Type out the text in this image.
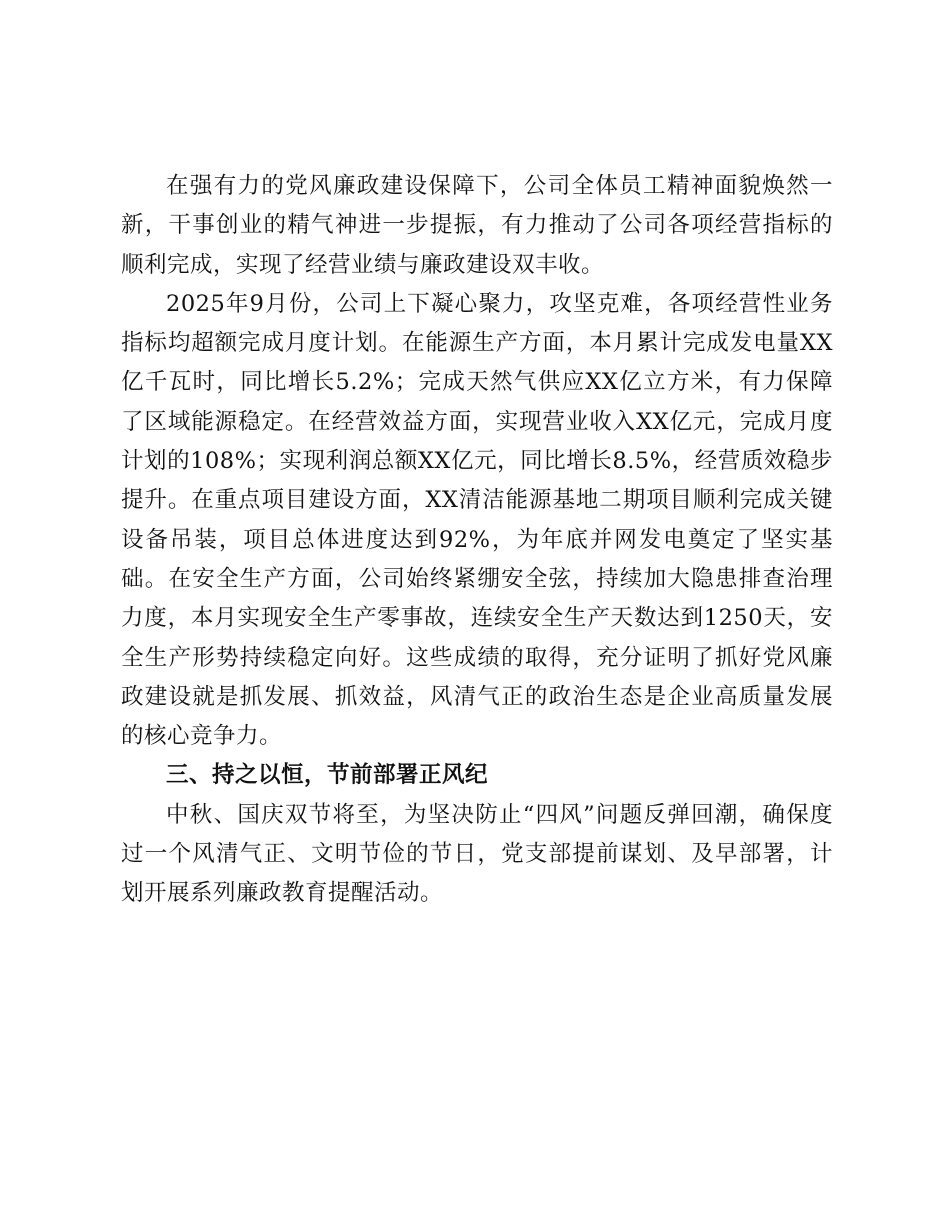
在强有力的党风廉政建设保障下，公司全体员工精神面貌焕然一新，干事创业的精气神进一步提振，有力推动了公司各项经营指标的顺利完成，实现了经营业绩与廉政建设双丰收。

2025年9月份，公司上下凝心聚力，攻坚克难，各项经营性业务指标均超额完成月度计划。在能源生产方面，本月累计完成发电量XX亿千瓦时，同比增长5.2%；完成天然气供应XX亿立方米，有力保障了区域能源稳定。在经营效益方面，实现营业收入XX亿元，完成月度计划的108%；实现利润总额XX亿元，同比增长8.5%，经营质效稳步提升。在重点项目建设方面，XX清洁能源基地二期项目顺利完成关键设备吊装，项目总体进度达到92%，为年底并网发电奠定了坚实基础。在安全生产方面，公司始终紧绷安全弦，持续加大隐患排查治理力度，本月实现安全生产零事故，连续安全生产天数达到1250天，安全生产形势持续稳定向好。这些成绩的取得，充分证明了抓好党风廉政建设就是抓发展、抓效益，风清气正的政治生态是企业高质量发展的核心竞争力。

三、持之以恒，节前部署正风纪

中秋、国庆双节将至，为坚决防止“四风”问题反弹回潮，确保度过一个风清气正、文明节俭的节日，党支部提前谋划、及早部署，计划开展系列廉政教育提醒活动。
